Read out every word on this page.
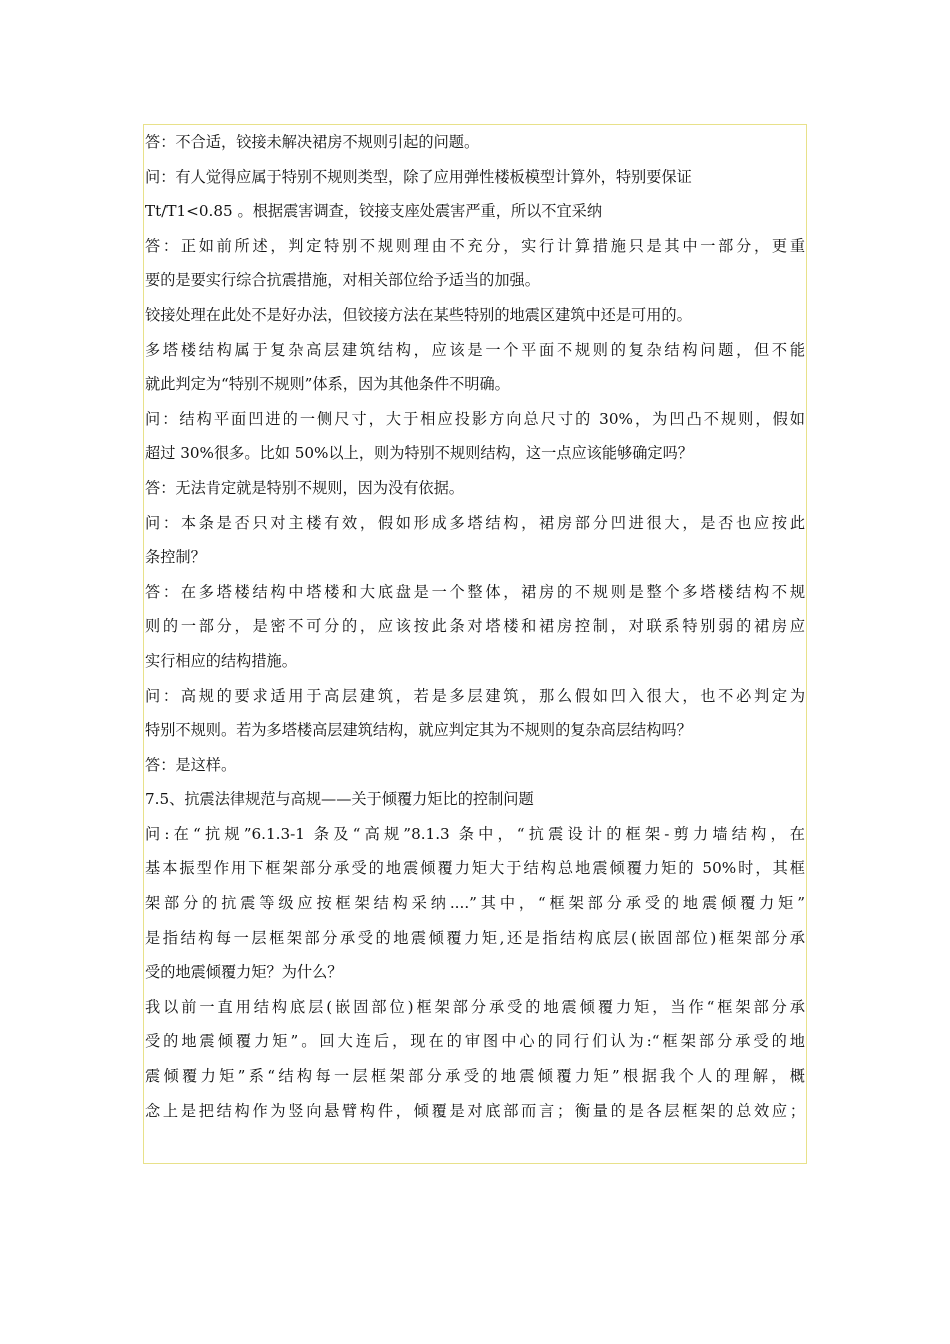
答：不合适，铰接未解决裙房不规则引起的问题。
问：有人觉得应属于特别不规则类型，除了应用弹性楼板模型计算外，特别要保证
Tt/T1<0.85 。根据震害调查，铰接支座处震害严重，所以不宜采纳
答：正如前所述，判定特别不规则理由不充分，实行计算措施只是其中一部分，更重
要的是要实行综合抗震措施，对相关部位给予适当的加强。
铰接处理在此处不是好办法，但铰接方法在某些特别的地震区建筑中还是可用的。
多塔楼结构属于复杂高层建筑结构，应该是一个平面不规则的复杂结构问题，但不能
就此判定为“特别不规则”体系，因为其他条件不明确。
问：结构平面凹进的一侧尺寸，大于相应投影方向总尺寸的 30%，为凹凸不规则，假如
超过 30%很多。比如 50%以上，则为特别不规则结构，这一点应该能够确定吗？
答：无法肯定就是特别不规则，因为没有依据。
问：本条是否只对主楼有效，假如形成多塔结构，裙房部分凹进很大，是否也应按此
条控制？
答：在多塔楼结构中塔楼和大底盘是一个整体，裙房的不规则是整个多塔楼结构不规
则的一部分，是密不可分的，应该按此条对塔楼和裙房控制，对联系特别弱的裙房应
实行相应的结构措施。
问：高规的要求适用于高层建筑，若是多层建筑，那么假如凹入很大，也不必判定为
特别不规则。若为多塔楼高层建筑结构，就应判定其为不规则的复杂高层结构吗？
答：是这样。
7.5、抗震法律规范与高规——关于倾覆力矩比的控制问题
问:在“抗规”6.1.3-1 条及“高规”8.1.3 条中，“抗震设计的框架-剪力墙结构，在
基本振型作用下框架部分承受的地震倾覆力矩大于结构总地震倾覆力矩的 50%时，其框
架部分的抗震等级应按框架结构采纳....”其中，“框架部分承受的地震倾覆力矩”
是指结构每一层框架部分承受的地震倾覆力矩,还是指结构底层(嵌固部位)框架部分承
受的地震倾覆力矩？为什么？
我以前一直用结构底层(嵌固部位)框架部分承受的地震倾覆力矩，当作“框架部分承
受的地震倾覆力矩”。回大连后，现在的审图中心的同行们认为:“框架部分承受的地
震倾覆力矩”系“结构每一层框架部分承受的地震倾覆力矩”根据我个人的理解，概
念上是把结构作为竖向悬臂构件，倾覆是对底部而言；衡量的是各层框架的总效应；
